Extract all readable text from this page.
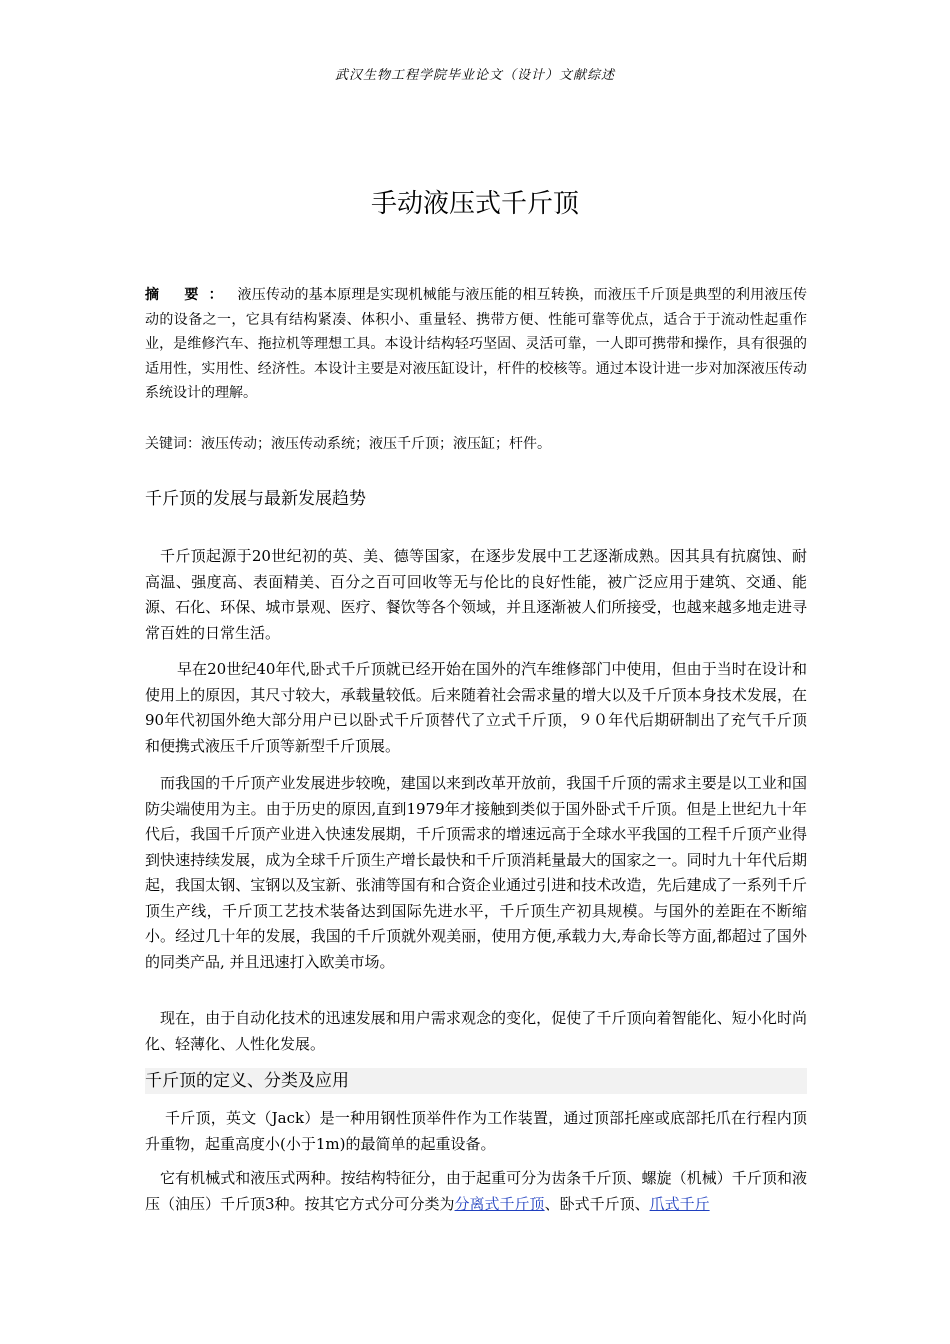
武汉生物工程学院毕业论文（设计）文献综述
手动液压式千斤顶
摘 要： 液压传动的基本原理是实现机械能与液压能的相互转换，而液压千斤顶是典型的利用液压传动的设备之一，它具有结构紧凑、体积小、重量轻、携带方便、性能可靠等优点，适合于于流动性起重作业，是维修汽车、拖拉机等理想工具。本设计结构轻巧坚固、灵活可靠，一人即可携带和操作，具有很强的适用性，实用性、经济性。本设计主要是对液压缸设计，杆件的校核等。通过本设计进一步对加深液压传动系统设计的理解。
关键词：液压传动；液压传动系统；液压千斤顶；液压缸；杆件。
千斤顶的发展与最新发展趋势
千斤顶起源于20世纪初的英、美、德等国家，在逐步发展中工艺逐渐成熟。因其具有抗腐蚀、耐高温、强度高、表面精美、百分之百可回收等无与伦比的良好性能，被广泛应用于建筑、交通、能源、石化、环保、城市景观、医疗、餐饮等各个领域，并且逐渐被人们所接受，也越来越多地走进寻常百姓的日常生活。
早在20世纪40年代,卧式千斤顶就已经开始在国外的汽车维修部门中使用，但由于当时在设计和使用上的原因，其尺寸较大，承载量较低。后来随着社会需求量的增大以及千斤顶本身技术发展，在90年代初国外绝大部分用户已以卧式千斤顶替代了立式千斤顶，９０年代后期研制出了充气千斤顶和便携式液压千斤顶等新型千斤顶展。
而我国的千斤顶产业发展进步较晚，建国以来到改革开放前，我国千斤顶的需求主要是以工业和国防尖端使用为主。由于历史的原因,直到1979年才接触到类似于国外卧式千斤顶。但是上世纪九十年代后，我国千斤顶产业进入快速发展期，千斤顶需求的增速远高于全球水平我国的工程千斤顶产业得到快速持续发展，成为全球千斤顶生产增长最快和千斤顶消耗量最大的国家之一。同时九十年代后期起，我国太钢、宝钢以及宝新、张浦等国有和合资企业通过引进和技术改造，先后建成了一系列千斤顶生产线，千斤顶工艺技术装备达到国际先进水平，千斤顶生产初具规模。与国外的差距在不断缩小。经过几十年的发展，我国的千斤顶就外观美丽，使用方便,承载力大,寿命长等方面,都超过了国外的同类产品, 并且迅速打入欧美市场。
现在，由于自动化技术的迅速发展和用户需求观念的变化，促使了千斤顶向着智能化、短小化时尚化、轻薄化、人性化发展。
千斤顶的定义、分类及应用
千斤顶，英文（Jack）是一种用钢性顶举件作为工作装置，通过顶部托座或底部托爪在行程内顶升重物，起重高度小(小于1m)的最简单的起重设备。
它有机械式和液压式两种。按结构特征分，由于起重可分为齿条千斤顶、螺旋（机械）千斤顶和液压（油压）千斤顶3种。按其它方式分可分类为分离式千斤顶、卧式千斤顶、爪式千斤
